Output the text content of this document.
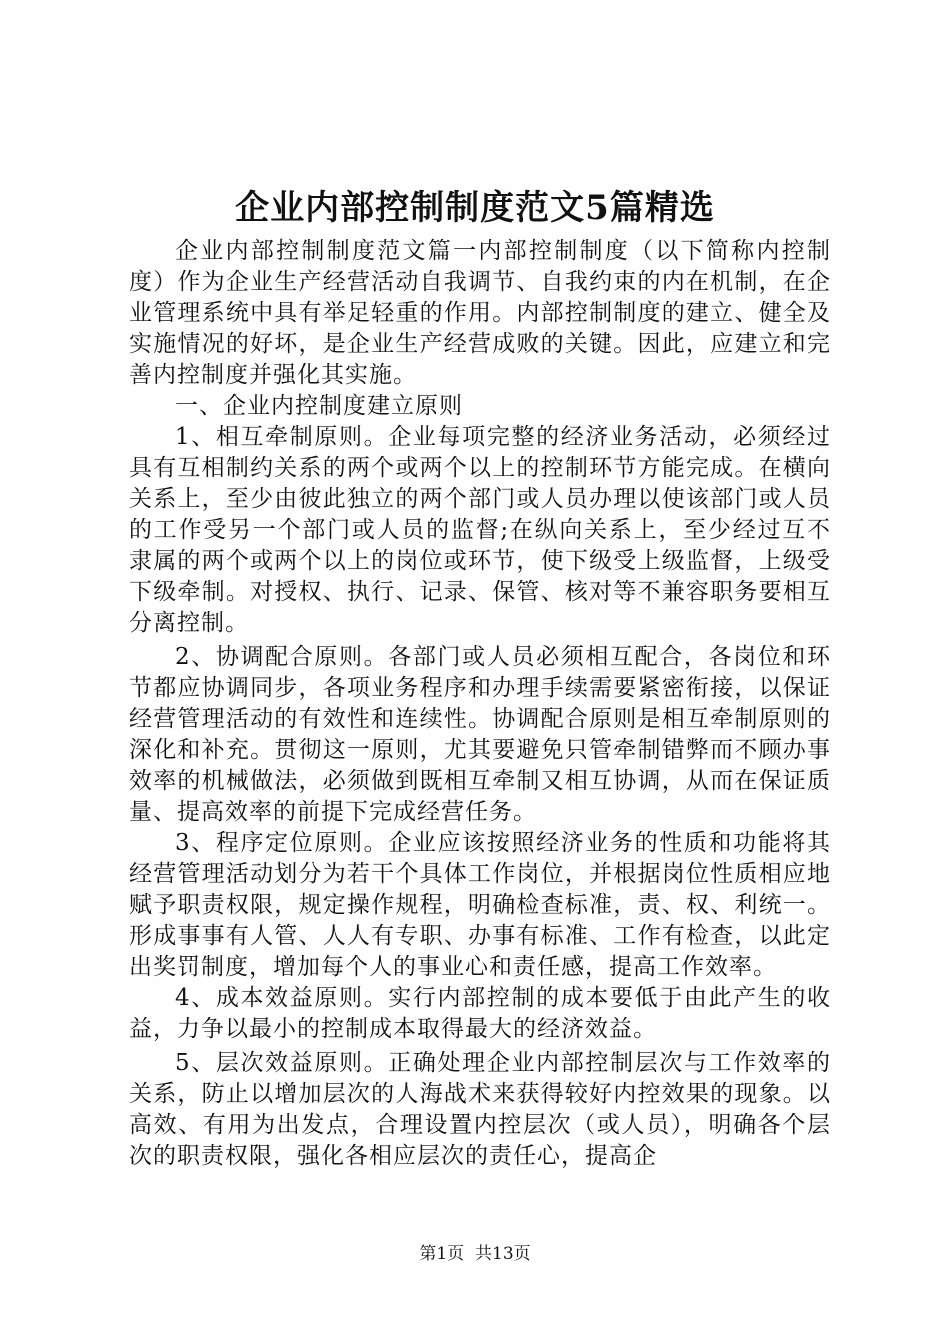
企业内部控制制度范文5篇精选

企业内部控制制度范文篇一内部控制制度（以下简称内控制度）作为企业生产经营活动自我调节、自我约束的内在机制，在企业管理系统中具有举足轻重的作用。内部控制制度的建立、健全及实施情况的好坏，是企业生产经营成败的关键。因此，应建立和完善内控制度并强化其实施。

一、企业内控制度建立原则

1、相互牵制原则。企业每项完整的经济业务活动，必须经过具有互相制约关系的两个或两个以上的控制环节方能完成。在横向关系上，至少由彼此独立的两个部门或人员办理以使该部门或人员的工作受另一个部门或人员的监督;在纵向关系上，至少经过互不隶属的两个或两个以上的岗位或环节，使下级受上级监督，上级受下级牵制。对授权、执行、记录、保管、核对等不兼容职务要相互分离控制。

2、协调配合原则。各部门或人员必须相互配合，各岗位和环节都应协调同步，各项业务程序和办理手续需要紧密衔接，以保证经营管理活动的有效性和连续性。协调配合原则是相互牵制原则的深化和补充。贯彻这一原则，尤其要避免只管牵制错弊而不顾办事效率的机械做法，必须做到既相互牵制又相互协调，从而在保证质量、提高效率的前提下完成经营任务。

3、程序定位原则。企业应该按照经济业务的性质和功能将其经营管理活动划分为若干个具体工作岗位，并根据岗位性质相应地赋予职责权限，规定操作规程，明确检查标准，责、权、利统一。形成事事有人管、人人有专职、办事有标准、工作有检查，以此定出奖罚制度，增加每个人的事业心和责任感，提高工作效率。

4、成本效益原则。实行内部控制的成本要低于由此产生的收益，力争以最小的控制成本取得最大的经济效益。

5、层次效益原则。正确处理企业内部控制层次与工作效率的关系，防止以增加层次的人海战术来获得较好内控效果的现象。以高效、有用为出发点，合理设置内控层次（或人员），明确各个层次的职责权限，强化各相应层次的责任心，提高企

第1页 共13页
